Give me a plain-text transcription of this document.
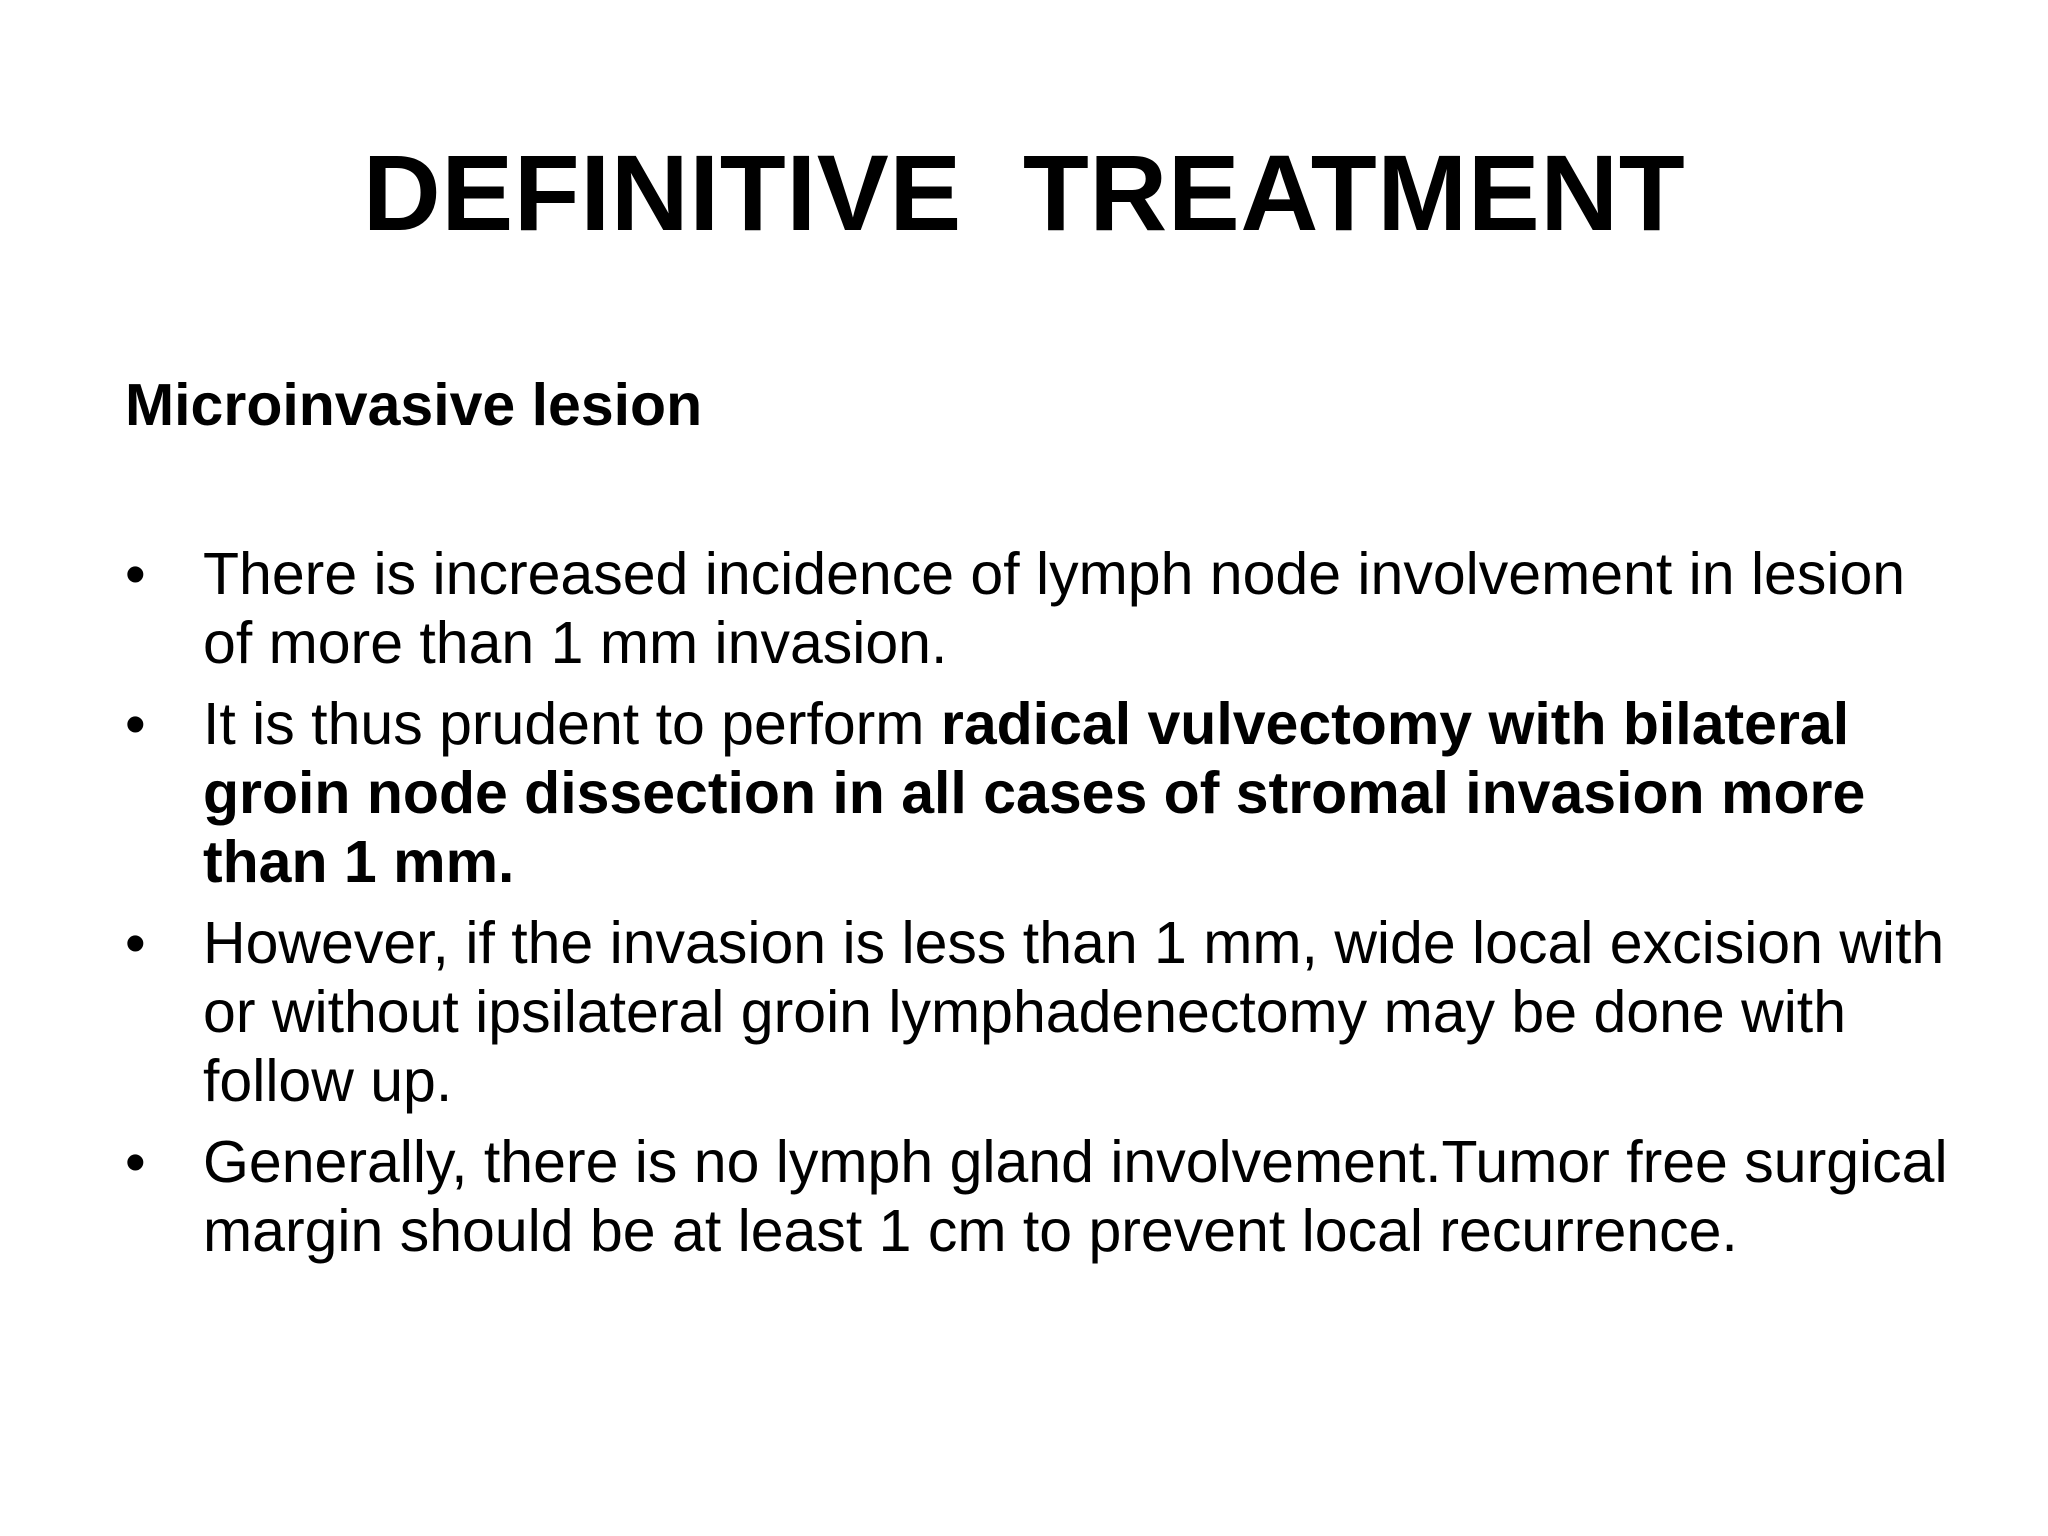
DEFINITIVE  TREATMENT
Microinvasive lesion
• There is increased incidence of lymph node involvement in lesion of more than 1 mm invasion.
• It is thus prudent to perform radical vulvectomy with bilateral groin node dissection in all cases of stromal invasion more than 1 mm.
• However, if the invasion is less than 1 mm, wide local excision with or without ipsilateral groin lymphadenectomy may be done with follow up.
• Generally, there is no lymph gland involvement.Tumor free surgical margin should be at least 1 cm to prevent local recurrence.
